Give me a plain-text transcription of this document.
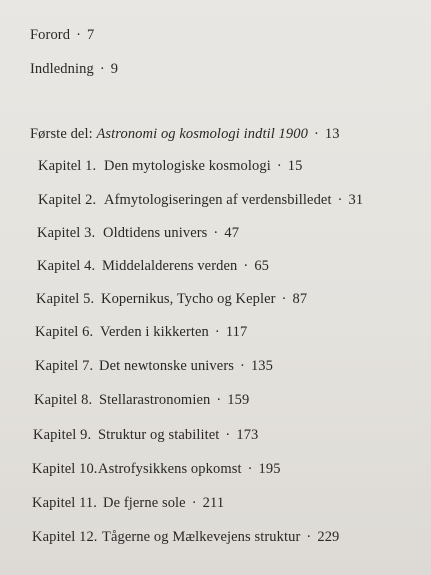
Forord · 7
Indledning · 9
Første del: Astronomi og kosmologi indtil 1900 · 13
Kapitel 1. Den mytologiske kosmologi · 15
Kapitel 2. Afmytologiseringen af verdensbilledet · 31
Kapitel 3. Oldtidens univers · 47
Kapitel 4. Middelalderens verden · 65
Kapitel 5. Kopernikus, Tycho og Kepler · 87
Kapitel 6. Verden i kikkerten · 117
Kapitel 7. Det newtonske univers · 135
Kapitel 8. Stellarastronomien · 159
Kapitel 9. Struktur og stabilitet · 173
Kapitel 10. Astrofysikkens opkomst · 195
Kapitel 11. De fjerne sole · 211
Kapitel 12. Tågerne og Mælkevejens struktur · 229
